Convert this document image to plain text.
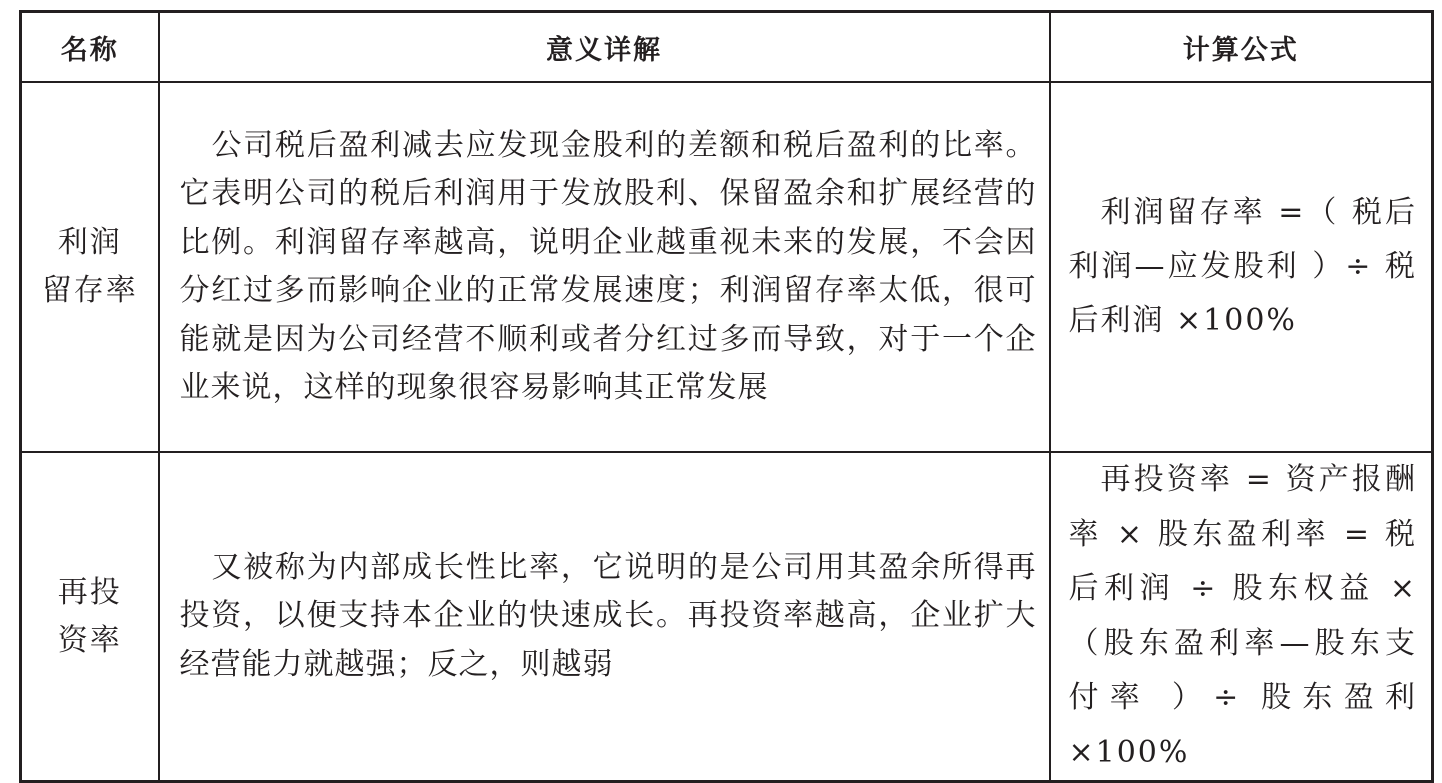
名称	意义详解	计算公式

利润
留存率	公司税后盈利减去应发现金股利的差额和税后盈利的比率。它表明公司的税后利润用于发放股利、保留盈余和扩展经营的比例。利润留存率越高，说明企业越重视未来的发展，不会因分红过多而影响企业的正常发展速度；利润留存率太低，很可能就是因为公司经营不顺利或者分红过多而导致，对于一个企业来说，这样的现象很容易影响其正常发展	利润留存率 =（ 税后利润—应发股利 ）÷ 税后利润 ×100%

再投
资率	又被称为内部成长性比率，它说明的是公司用其盈余所得再投资，以便支持本企业的快速成长。再投资率越高，企业扩大经营能力就越强；反之，则越弱	再投资率 = 资产报酬率 × 股东盈利率 = 税后利润 ÷ 股东权益 ×（股东盈利率—股东支付率 ）÷ 股东盈利 ×100%
